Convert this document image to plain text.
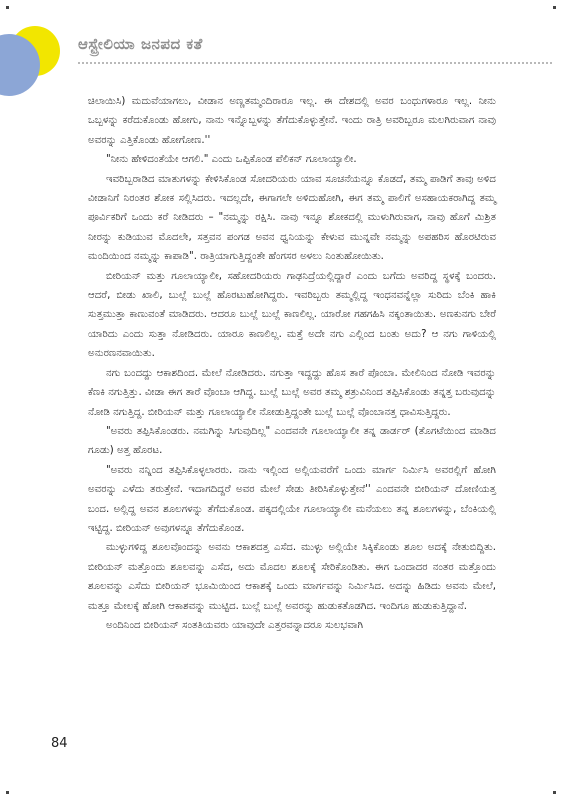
ಆಸ್ಟ್ರೇಲಿಯಾ ಜನಪದ ಕತೆ

ಚಿಲಾಯಿಸಿ) ಮದುವೆಯಾಗಲು, ವೀಡಾನ ಅಣ್ಣತಮ್ಮಂದಿರಾರೂ ಇಲ್ಲ. ಈ ದೇಶದಲ್ಲಿ ಅವರ ಬಂಧುಗಳಾರೂ ಇಲ್ಲ. ನೀನು ಒಬ್ಬಳನ್ನು ಕರೆದುಕೊಂಡು ಹೋಗು, ನಾನು ಇನ್ನೊಬ್ಬಳನ್ನು ತೆಗೆದುಕೊಳ್ಳುತ್ತೇನೆ. ಇಂದು ರಾತ್ರಿ ಅವರಿಬ್ಬರೂ ಮಲಗಿರುವಾಗ ನಾವು ಅವರನ್ನು ಎತ್ತಿಕೊಂಡು ಹೋಗೋಣ.''

"ನೀನು ಹೇಳಿದಂತೆಯೇ ಆಗಲಿ." ಎಂದು ಒಪ್ಪಿಕೊಂಡ ಪೆಲಿಕನ್ ಗೂಲಾಯ್ಯಾಲೀ.

ಇವರಿಬ್ಬರಾಡಿದ ಮಾತುಗಳನ್ನು ಕೇಳಿಸಿಕೊಂಡ ಸೋದರಿಯರು ಯಾವ ಸೂಚನೆಯನ್ನೂ ಕೊಡದೆ, ತಮ್ಮ ಪಾಡಿಗೆ ತಾವು ಅಳಿದ ವೀಡಾನಿಗೆ ನಿರಂತರ ಶೋಕ ಸಲ್ಲಿಸಿದರು. ಇದಲ್ಲದೇ, ಈಗಾಗಲೇ ಅಳಿದುಹೋಗಿ, ಈಗ ತಮ್ಮ ಪಾಲಿಗೆ ಅಸಹಾಯಕರಾಗಿದ್ದ ತಮ್ಮ ಪೂರ್ವಿಕರಿಗೆ ಒಂದು ಕರೆ ನೀಡಿದರು – "ನಮ್ಮನ್ನು ರಕ್ಷಿಸಿ. ನಾವು ಇನ್ನೂ ಶೋಕದಲ್ಲಿ ಮುಳುಗಿರುವಾಗ, ನಾವು ಹೊಗೆ ಮಿಶ್ರಿತ ನೀರನ್ನು ಕುಡಿಯುವ ಮೊದಲೇ, ಸತ್ತವನ ಪಂಗಡ ಅವನ ಧ್ವನಿಯನ್ನು ಕೇಳುವ ಮುನ್ನವೇ ನಮ್ಮನ್ನು ಅಪಹರಿಸ ಹೊರಟಿರುವ ಮಂದಿಯಿಂದ ನಮ್ಮನ್ನು ಕಾಪಾಡಿ". ರಾತ್ರಿಯಾಗುತ್ತಿದ್ದಂತೇ ಹೆಂಗಸರ ಅಳಲು ನಿಂತುಹೋಯಿತು.

ಬೀರಿಯನ್ ಮತ್ತು ಗೂಲಾಯ್ಯಾಲೀ, ಸಹೋದರಿಯರು ಗಾಢನಿದ್ರೆಯಲ್ಲಿದ್ದಾರೆ ಎಂದು ಬಗೆದು ಅವರಿದ್ದ ಸ್ಥಳಕ್ಕೆ ಬಂದರು. ಆದರೆ, ಬೀಡು ಖಾಲಿ, ಬುಲ್ಲೆ ಬುಲ್ಲೆ ಹೊರಟುಹೋಗಿದ್ದರು. ಇವರಿಬ್ಬರು ತಮ್ಮಲ್ಲಿದ್ದ ಇಂಧನವನ್ನೆಲ್ಲಾ ಸುರಿದು ಬೆಂಕಿ ಹಾಕಿ ಸುತ್ತಮುತ್ತಾ ಕಾಣುವಂತೆ ಮಾಡಿದರು. ಆದರೂ ಬುಲ್ಲೆ ಬುಲ್ಲೆ ಕಾಣಲಿಲ್ಲ. ಯಾರೋ ಗಹಗಹಿಸಿ ನಕ್ಕಂತಾಯಿತು. ಅಣಕುನಗು ಬೇರೆ ಯಾರಿದು ಎಂದು ಸುತ್ತಾ ನೋಡಿದರು. ಯಾರೂ ಕಾಣಲಿಲ್ಲ. ಮತ್ತೆ ಅದೇ ನಗು ಎಲ್ಲಿಂದ ಬಂತು ಅದು? ಆ ನಗು ಗಾಳಿಯಲ್ಲಿ ಅನುರಣನವಾಯಿತು.

ನಗು ಬಂದದ್ದು ಆಕಾಶದಿಂದ. ಮೇಲೆ ನೋಡಿದರು. ನಗುತ್ತಾ ಇದ್ದದ್ದು ಹೊಸ ತಾರೆ ಪೊಂಬಾ. ಮೇಲಿನಿಂದ ನೋಡಿ ಇವರನ್ನು ಕೆಣಕಿ ನಗುತ್ತಿತ್ತು. ವೀಡಾ ಈಗ ತಾರೆ ವೊಂಬಾ ಆಗಿದ್ದ. ಬುಲ್ಲೆ ಬುಲ್ಲೆ ಅವರ ತಮ್ಮ ಶತ್ರುವಿನಿಂದ ತಪ್ಪಿಸಿಕೊಂಡು ತನ್ನತ್ತ ಬರುವುದನ್ನು ನೋಡಿ ನಗುತ್ತಿದ್ದ. ಬೀರಿಯನ್ ಮತ್ತು ಗೂಲಾಯ್ಯಾಲೀ ನೋಡುತ್ತಿದ್ದಂತೇ ಬುಲ್ಲೆ ಬುಲ್ಲೆ ವೊಂಬಾನತ್ತ ಧಾವಿಸುತ್ತಿದ್ದರು.

"ಅವರು ತಪ್ಪಿಸಿಕೊಂಡರು. ನಮಗಿನ್ನು ಸಿಗುವುದಿಲ್ಲ" ಎಂದವನೇ ಗೂಲಾಯ್ಯಾಲೀ ತನ್ನ ಡಾರ್ಡರ್ (ತೊಗಟೆಯಿಂದ ಮಾಡಿದ ಗೂಡು) ಅತ್ತ ಹೊರಟ.

"ಅವರು ನನ್ನಿಂದ ತಪ್ಪಿಸಿಕೊಳ್ಳಲಾರರು. ನಾನು ಇಲ್ಲಿಂದ ಅಲ್ಲಿಯವರೆಗೆ ಒಂದು ಮಾರ್ಗ ನಿರ್ಮಿಸಿ ಅವರಲ್ಲಿಗೆ ಹೋಗಿ ಅವರನ್ನು ಎಳೆದು ತರುತ್ತೇನೆ. ಇದಾಗದಿದ್ದರೆ ಅವರ ಮೇಲೆ ಸೇಡು ತೀರಿಸಿಕೊಳ್ಳುತ್ತೇನೆ'' ಎಂದವನೇ ಬೀರಿಯನ್ ದೋಣಿಯತ್ತ ಬಂದ. ಅಲ್ಲಿದ್ದ ಅವನ ಶೂಲಗಳನ್ನು ತೆಗೆದುಕೊಂಡ. ಪಕ್ಕದಲ್ಲಿಯೇ ಗೂಲಾಯ್ಯಾಲೀ ಮನೆಯಲು ತನ್ನ ಶೂಲಗಳನ್ನು, ಬೆಂಕಿಯಲ್ಲಿ ಇಟ್ಟಿದ್ದ. ಬೀರಿಯನ್ ಅವುಗಳನ್ನೂ ತೆಗೆದುಕೊಂಡ.

ಮುಳ್ಳುಗಳಿದ್ದ ಶೂಲವೊಂದನ್ನು ಅವನು ಆಕಾಶದತ್ತ ಎಸೆದ. ಮುಳ್ಳು ಅಲ್ಲಿಯೇ ಸಿಕ್ಕಿಕೊಂಡು ಶೂಲ ಅದಕ್ಕೆ ನೇತುಬಿದ್ದಿತು. ಬೀರಿಯನ್ ಮತ್ತೊಂದು ಶೂಲವನ್ನು ಎಸೆದ, ಅದು ಮೊದಲ ಶೂಲಕ್ಕೆ ಸೇರಿಕೊಂಡಿತು. ಈಗ ಒಂದಾದರ ನಂತರ ಮತ್ತೊಂದು ಶೂಲವನ್ನು ಎಸೆದು ಬೀರಿಯನ್ ಭೂಮಿಯಿಂದ ಆಕಾಶಕ್ಕೆ ಒಂದು ಮಾರ್ಗವನ್ನು ನಿರ್ಮಿಸಿದ. ಅದನ್ನು ಹಿಡಿದು ಅವನು ಮೇಲೆ, ಮತ್ತೂ ಮೇಲಕ್ಕೆ ಹೋಗಿ ಆಕಾಶವನ್ನು ಮುಟ್ಟಿದ. ಬುಲ್ಲೆ ಬುಲ್ಲೆ ಅವರನ್ನು ಹುಡುಕತೊಡಗಿದ. ಇಂದಿಗೂ ಹುಡುಕುತ್ತಿದ್ದಾನೆ.

ಅಂದಿನಿಂದ ಬೀರಿಯನ್ ಸಂತತಿಯವರು ಯಾವುದೇ ಎತ್ತರವನ್ನಾದರೂ ಸುಲಭವಾಗಿ

84
